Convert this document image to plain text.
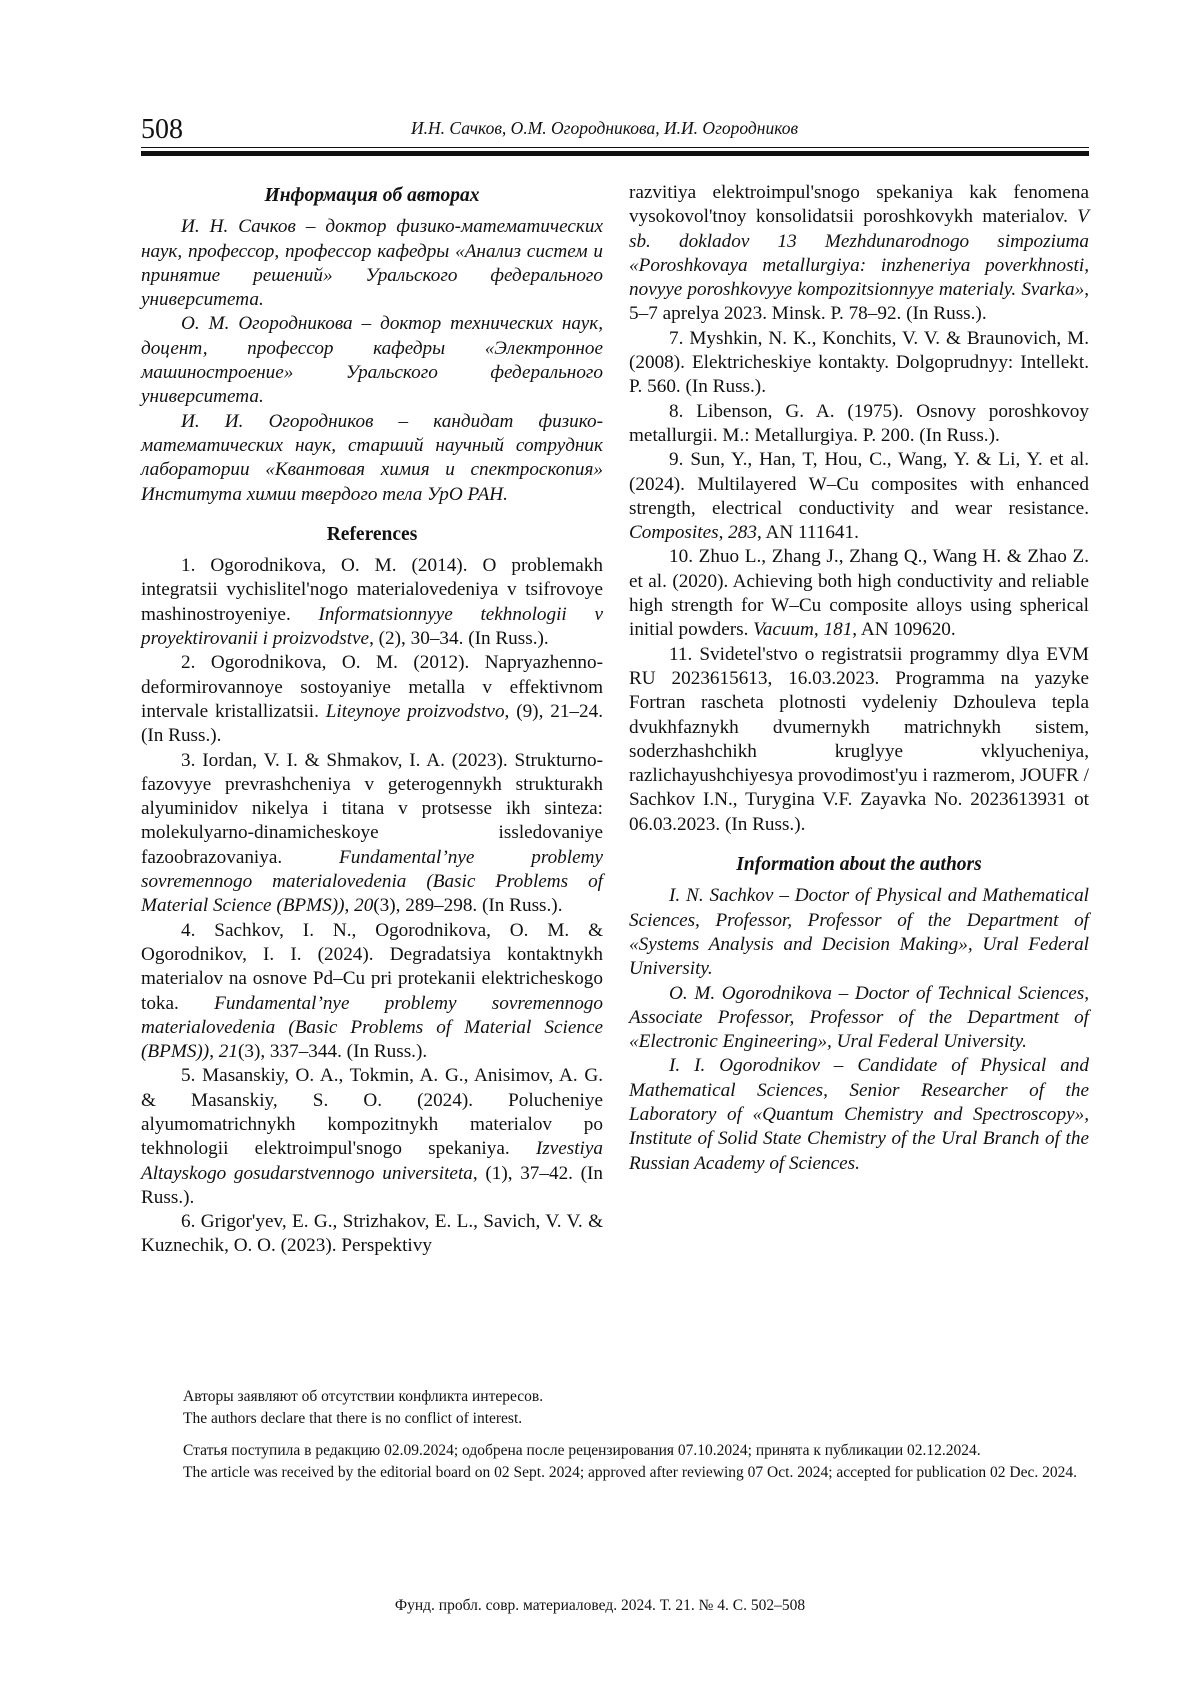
508	И.Н. Сачков, О.М. Огородникова, И.И. Огородников
Информация об авторах

И. Н. Сачков – доктор физико-математических наук, профессор, профессор кафедры «Анализ систем и принятие решений» Уральского федерального университета.

О. М. Огородникова – доктор технических наук, доцент, профессор кафедры «Электронное машиностроение» Уральского федерального университета.

И. И. Огородников – кандидат физико-математических наук, старший научный сотрудник лаборатории «Квантовая химия и спектроскопия» Института химии твердого тела УрО РАН.

References

1. Ogorodnikova, O. M. (2014). O problemakh integratsii vychislitel'nogo materialovedeniya v tsifrovoye mashinostroyeniye. Informatsionnyye tekhnologii v proyektirovanii i proizvodstve, (2), 30–34. (In Russ.).

2. Ogorodnikova, O. M. (2012). Napryazhenno-deformirovannoye sostoyaniye metalla v effektivnom intervale kristallizatsii. Liteynoye proizvodstvo, (9), 21–24. (In Russ.).

3. Iordan, V. I. & Shmakov, I. A. (2023). Strukturno-fazovyye prevrashcheniya v geterogennykh strukturakh alyuminidov nikelya i titana v protsesse ikh sinteza: molekulyarno-dinamicheskoye issledovaniye fazoobrazovaniya. Fundamental’nye problemy sovremennogo materialovedenia (Basic Problems of Material Science (BPMS)), 20(3), 289–298. (In Russ.).

4. Sachkov, I. N., Ogorodnikova, O. M. & Ogorodnikov, I. I. (2024). Degradatsiya kontaktnykh materialov na osnove Pd–Cu pri protekanii elektricheskogo toka. Fundamental’nye problemy sovremennogo materialovedenia (Basic Problems of Material Science (BPMS)), 21(3), 337–344. (In Russ.).

5. Masanskiy, O. A., Tokmin, A. G., Anisimov, A. G. & Masanskiy, S. O. (2024). Polucheniye alyumomatrichnykh kompozitnykh materialov po tekhnologii elektroimpul'snogo spekaniya. Izvestiya Altayskogo gosudarstvennogo universiteta, (1), 37–42. (In Russ.).

6. Grigor'yev, E. G., Strizhakov, E. L., Savich, V. V. & Kuznechik, O. O. (2023). Perspektivy

razvitiya elektroimpul'snogo spekaniya kak fenomena vysokovol'tnoy konsolidatsii poroshkovykh materialov. V sb. dokladov 13 Mezhdunarodnogo simpoziuma «Poroshkovaya metallurgiya: inzheneriya poverkhnosti, novyye poroshkovyye kompozitsionnyye materialy. Svarka», 5–7 aprelya 2023. Minsk. P. 78–92. (In Russ.).

7. Myshkin, N. K., Konchits, V. V. & Braunovich, M. (2008). Elektricheskiye kontakty. Dolgoprudnyy: Intellekt. P. 560. (In Russ.).

8. Libenson, G. A. (1975). Osnovy poroshkovoy metallurgii. M.: Metallurgiya. P. 200. (In Russ.).

9. Sun, Y., Han, T, Hou, C., Wang, Y. & Li, Y. et al. (2024). Multilayered W–Cu composites with enhanced strength, electrical conductivity and wear resistance. Composites, 283, AN 111641.

10. Zhuo L., Zhang J., Zhang Q., Wang H. & Zhao Z. et al. (2020). Achieving both high conductivity and reliable high strength for W–Cu composite alloys using spherical initial powders. Vacuum, 181, AN 109620.

11. Svidetel'stvo o registratsii programmy dlya EVM RU 2023615613, 16.03.2023. Programma na yazyke Fortran rascheta plotnosti vydeleniy Dzhouleva tepla dvukhfaznykh dvumernykh matrichnykh sistem, soderzhashchikh kruglyye vklyucheniya, razlichayushchiyesya provodimost'yu i razmerom, JOUFR / Sachkov I.N., Turygina V.F. Zayavka No. 2023613931 ot 06.03.2023. (In Russ.).

Information about the authors

I. N. Sachkov – Doctor of Physical and Mathematical Sciences, Professor, Professor of the Department of «Systems Analysis and Decision Making», Ural Federal University.

O. M. Ogorodnikova – Doctor of Technical Sciences, Associate Professor, Professor of the Department of «Electronic Engineering», Ural Federal University.

I. I. Ogorodnikov – Candidate of Physical and Mathematical Sciences, Senior Researcher of the Laboratory of «Quantum Chemistry and Spectroscopy», Institute of Solid State Chemistry of the Ural Branch of the Russian Academy of Sciences.

Авторы заявляют об отсутствии конфликта интересов.

The authors declare that there is no conflict of interest.

Статья поступила в редакцию 02.09.2024; одобрена после рецензирования 07.10.2024; принята к публикации 02.12.2024.

The article was received by the editorial board on 02 Sept. 2024; approved after reviewing 07 Oct. 2024; accepted for publication 02 Dec. 2024.

Фунд. пробл. совр. материаловед. 2024. Т. 21. № 4. С. 502–508
